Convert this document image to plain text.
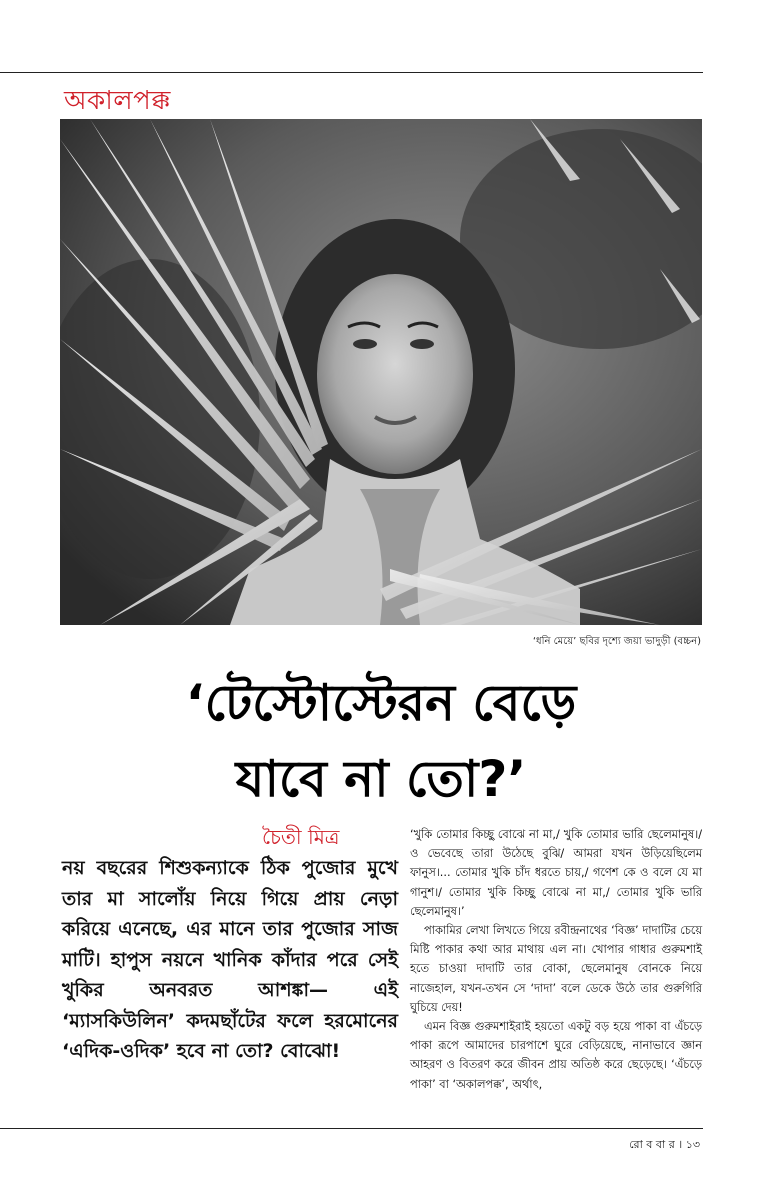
অকালপক্ক
‘ধনি মেয়ে’ ছবির দৃশ্যে জয়া ভাদুড়ী (বচ্চন)
‘টেস্টোস্টেরন বেড়ে
যাবে না তো?’
চৈতী মিত্র
নয় বছরের শিশুকন্যাকে ঠিক পুজোর মুখে তার মা সালোঁয় নিয়ে গিয়ে প্রায় নেড়া করিয়ে এনেছে, এর মানে তার পুজোর সাজ মাটি। হাপুস নয়নে খানিক কাঁদার পরে সেই খুকির অনবরত আশঙ্কা— এই ‘ম্যাসকিউলিন’ কদমছাঁটের ফলে হরমোনের ‘এদিক-ওদিক’ হবে না তো? বোঝো!

‘খুকি তোমার কিচ্ছু বোঝে না মা,/ খুকি তোমার ভারি ছেলেমানুষ।/ ও ভেবেছে তারা উঠেছে বুঝি/ আমরা যখন উড়িয়েছিলেম ফানুস।... তোমার খুকি চাঁদ ধরতে চায়,/ গণেশ কে ও বলে যে মা গানুশ।/ তোমার খুকি কিচ্ছু বোঝে না মা,/ তোমার খুকি ভারি ছেলেমানুষ।’

পাকামির লেখা লিখতে গিয়ে রবীন্দ্রনাথের ‘বিজ্ঞ’ দাদাটির চেয়ে মিষ্টি পাকার কথা আর মাথায় এল না। খোপার গাধার গুরুমশাই হতে চাওয়া দাদাটি তার বোকা, ছেলেমানুষ বোনকে নিয়ে নাজেহাল, যখন-তখন সে ‘দাদা’ বলে ডেকে উঠে তার গুরুগিরি ঘুচিয়ে দেয়!

এমন বিজ্ঞ গুরুমশাইরাই হয়তো একটু বড় হয়ে পাকা বা এঁচড়ে পাকা রূপে আমাদের চারপাশে ঘুরে বেড়িয়েছে, নানাভাবে জ্ঞান আহরণ ও বিতরণ করে জীবন প্রায় অতিষ্ঠ করে ছেড়েছে। ‘এঁচড়ে পাকা’ বা ‘অকালপক্ক’, অর্থাৎ,

রো ব বা র । ১৩
